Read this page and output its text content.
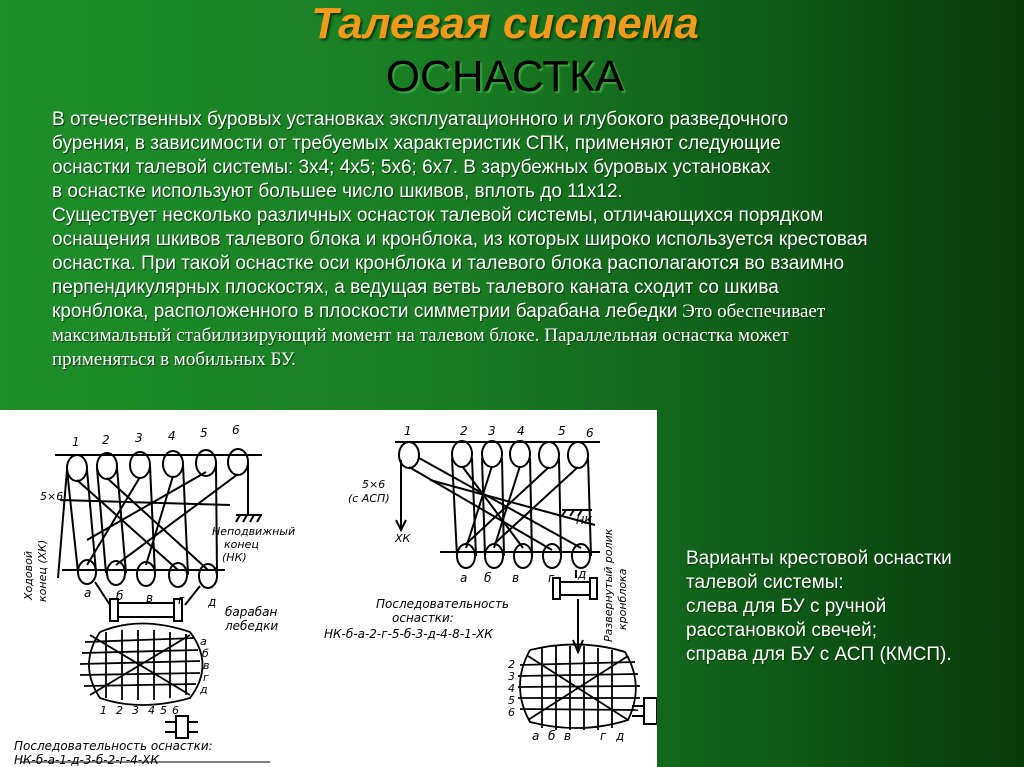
Талевая система
ОСНАСТКА
В отечественных буровых установках эксплуатационного и глубокого разведочного
бурения, в зависимости от требуемых характеристик СПК, применяют следующие
оснастки талевой системы: 3х4; 4х5; 5х6; 6х7. В зарубежных буровых установках
в оснастке используют большее число шкивов, вплоть до 11х12.
Существует несколько различных оснасток талевой системы, отличающихся порядком
оснащения шкивов талевого блока и кронблока, из которых широко используется крестовая
оснастка. При такой оснастке оси кронблока и талевого блока располагаются во взаимно
перпендикулярных плоскостях, а ведущая ветвь талевого каната сходит со шкива
кронблока, расположенного в плоскости симметрии барабана лебедки Это обеспечивает
максимальный стабилизирующий момент на талевом блоке. Параллельная оснастка может
применяться в мобильных БУ.
1 2 3 4 5 6
а б в г д
5×6
Неподвижный
конец
(НК)
Ходовой конец (ХК)
барабан
лебедки
а
б
в
г
д
1 2 3 4 5 6
Последовательность оснастки:
НК-б-а-1-д-3-б-2-г-4-ХК
1	2 3 4	5 6
а б в г д
5×6
(с АСП)
НК
ХК
Последовательность
оснастки:
НК-б-а-2-г-5-б-3-д-4-8-1-ХК	Развернутый ролик кронблока
2
3
4
5
6
а б в г д
Варианты крестовой оснастки
талевой системы:
слева для БУ с ручной
расстановкой свечей;
справа для БУ с АСП (КМСП).
